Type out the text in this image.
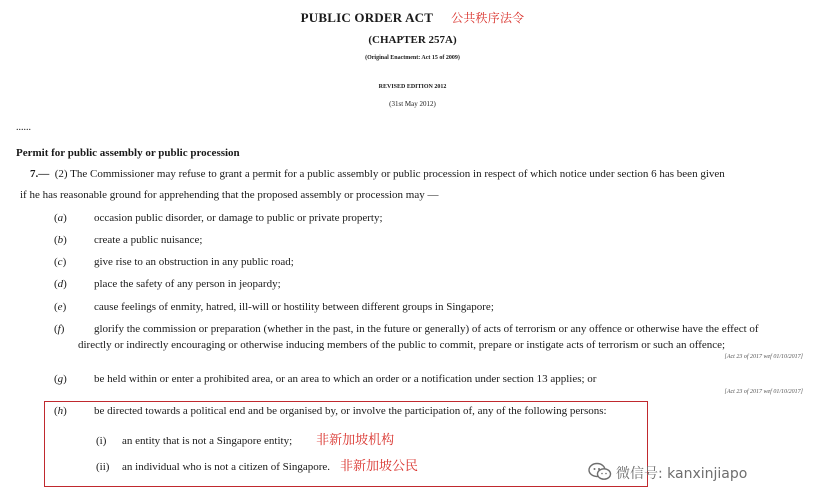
PUBLIC ORDER ACT 公共秩序法令
(CHAPTER 257A)
(Original Enactment: Act 15 of 2009)
REVISED EDITION 2012
(31st May 2012)
......
Permit for public assembly or public procession
7.— (2) The Commissioner may refuse to grant a permit for a public assembly or public procession in respect of which notice under section 6 has been given
if he has reasonable ground for apprehending that the proposed assembly or procession may —
(a) occasion public disorder, or damage to public or private property;
(b) create a public nuisance;
(c)	give rise to an obstruction in any public road;
(d) place the safety of any person in jeopardy;
(e)	cause feelings of enmity, hatred, ill-will or hostility between different groups in Singapore;
(f)	glorify the commission or preparation (whether in the past, in the future or generally) of acts of terrorism or any offence or otherwise have the effect of
directly or indirectly encouraging or otherwise inducing members of the public to commit, prepare or instigate acts of terrorism or such an offence;
[Act 23 of 2017 wef 01/10/2017]
(g) be held within or enter a prohibited area, or an area to which an order or a notification under section 13 applies; or
[Act 23 of 2017 wef 01/10/2017]
(h) be directed towards a political end and be organised by, or involve the participation of, any of the following persons:
(i) an entity that is not a Singapore entity; 非新加坡机构
(ii) an individual who is not a citizen of Singapore. 非新加坡公民	微信号: kanxinjiapo
